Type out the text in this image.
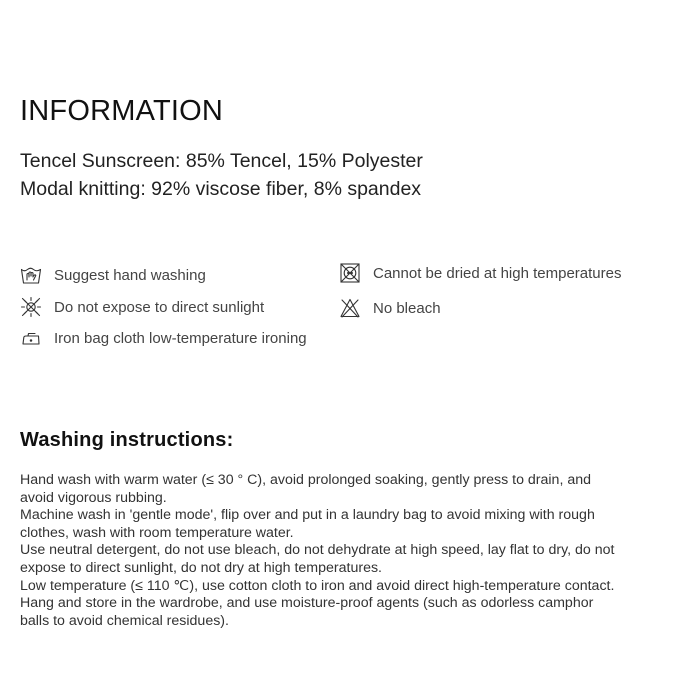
INFORMATION

Tencel Sunscreen: 85% Tencel, 15% Polyester

Modal knitting: 92% viscose fiber, 8% spandex

Suggest hand washing
Do not expose to direct sunlight
Iron bag cloth low-temperature ironing
Cannot be dried at high temperatures
No bleach
Washing instructions:
Hand wash with warm water (≤ 30 ° C), avoid prolonged soaking, gently press to drain, and
avoid vigorous rubbing.
Machine wash in 'gentle mode', flip over and put in a laundry bag to avoid mixing with rough
clothes, wash with room temperature water.
Use neutral detergent, do not use bleach, do not dehydrate at high speed, lay flat to dry, do not
expose to direct sunlight, do not dry at high temperatures.
Low temperature (≤ 110 ℃), use cotton cloth to iron and avoid direct high-temperature contact.
Hang and store in the wardrobe, and use moisture-proof agents (such as odorless camphor
balls to avoid chemical residues).
